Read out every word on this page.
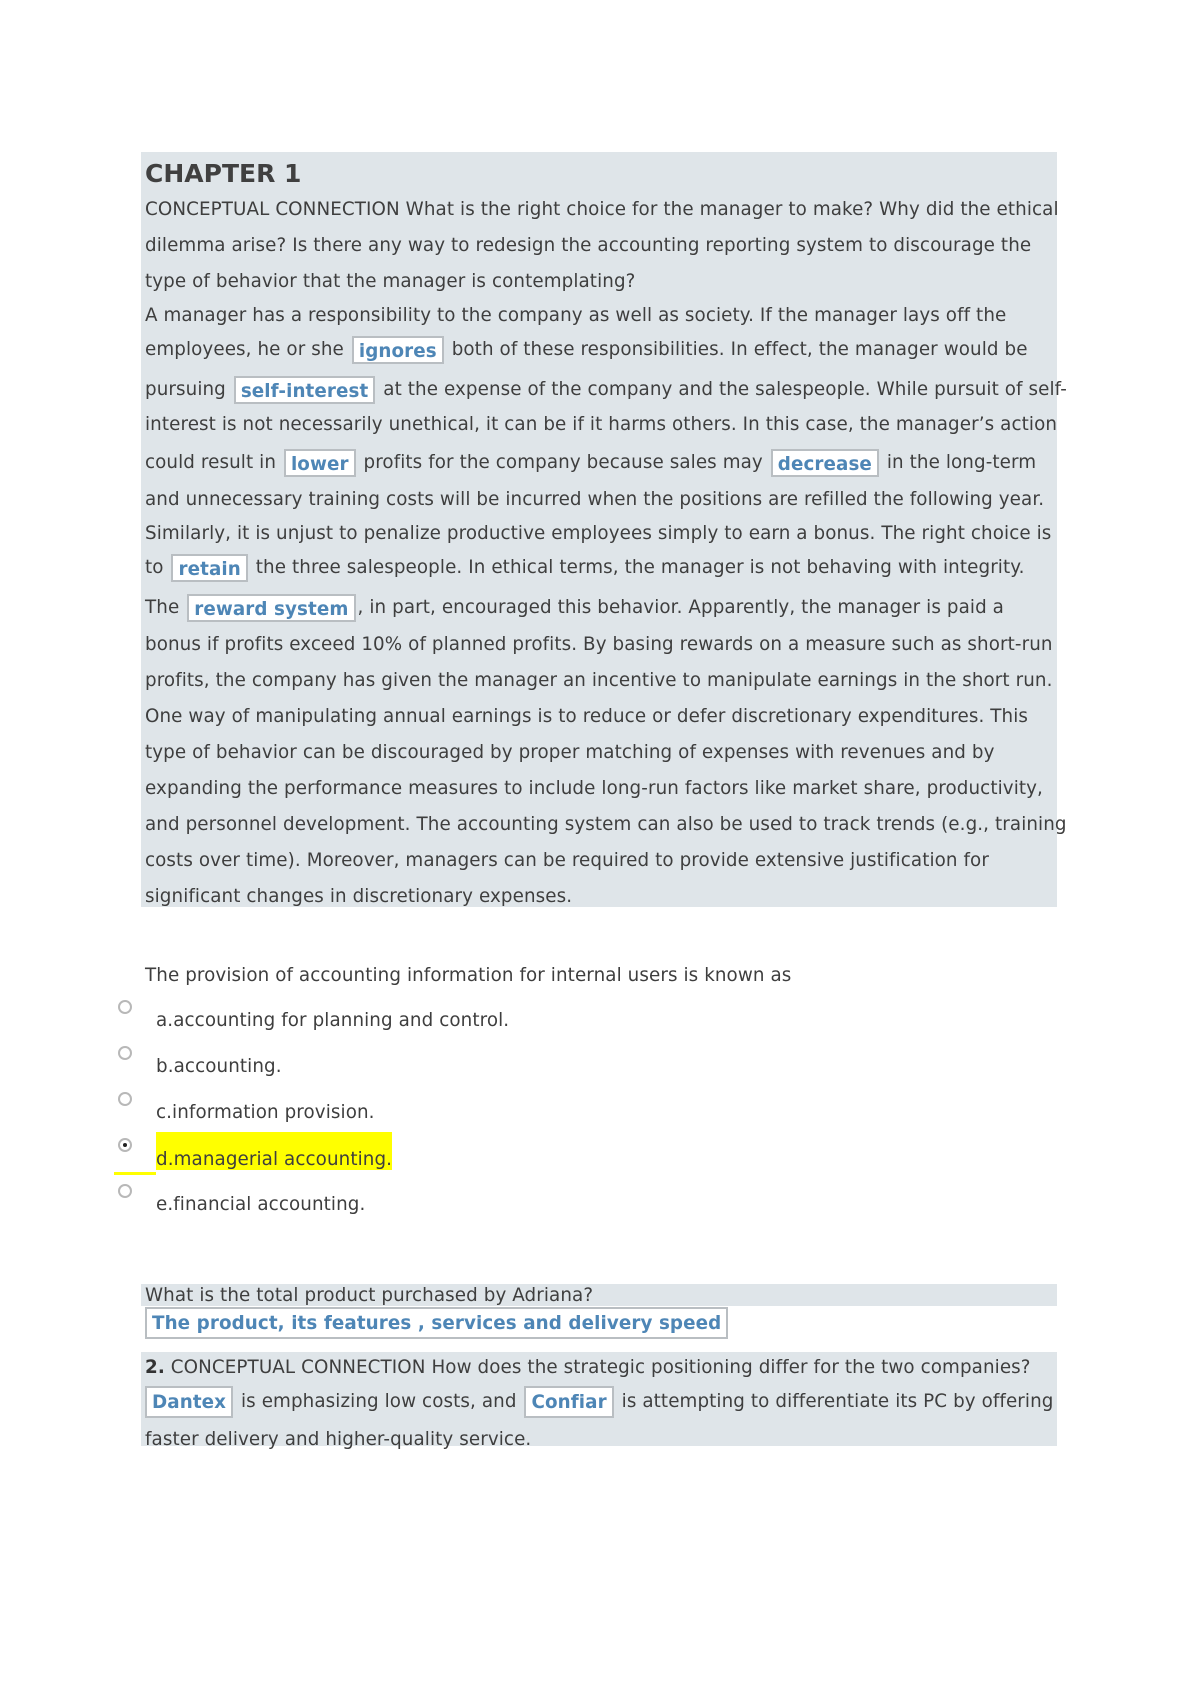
CHAPTER 1
CONCEPTUAL CONNECTION What is the right choice for the manager to make? Why did the ethical
dilemma arise? Is there any way to redesign the accounting reporting system to discourage the
type of behavior that the manager is contemplating?
A manager has a responsibility to the company as well as society. If the manager lays off the
employees, he or she ignores both of these responsibilities. In effect, the manager would be
pursuing self-interest at the expense of the company and the salespeople. While pursuit of self-
interest is not necessarily unethical, it can be if it harms others. In this case, the manager’s action
could result in lower profits for the company because sales may decrease in the long-term
and unnecessary training costs will be incurred when the positions are refilled the following year.
Similarly, it is unjust to penalize productive employees simply to earn a bonus. The right choice is
to retain the three salespeople. In ethical terms, the manager is not behaving with integrity.
The reward system , in part, encouraged this behavior. Apparently, the manager is paid a
bonus if profits exceed 10% of planned profits. By basing rewards on a measure such as short-run
profits, the company has given the manager an incentive to manipulate earnings in the short run.
One way of manipulating annual earnings is to reduce or defer discretionary expenditures. This
type of behavior can be discouraged by proper matching of expenses with revenues and by
expanding the performance measures to include long-run factors like market share, productivity,
and personnel development. The accounting system can also be used to track trends (e.g., training
costs over time). Moreover, managers can be required to provide extensive justification for
significant changes in discretionary expenses.
The provision of accounting information for internal users is known as
a.accounting for planning and control.
b.accounting.
c.information provision.
d.managerial accounting.
e.financial accounting.
What is the total product purchased by Adriana?
The product, its features , services and delivery speed
2. CONCEPTUAL CONNECTION How does the strategic positioning differ for the two companies?
Dantex is emphasizing low costs, and Confiar is attempting to differentiate its PC by offering
faster delivery and higher-quality service.
